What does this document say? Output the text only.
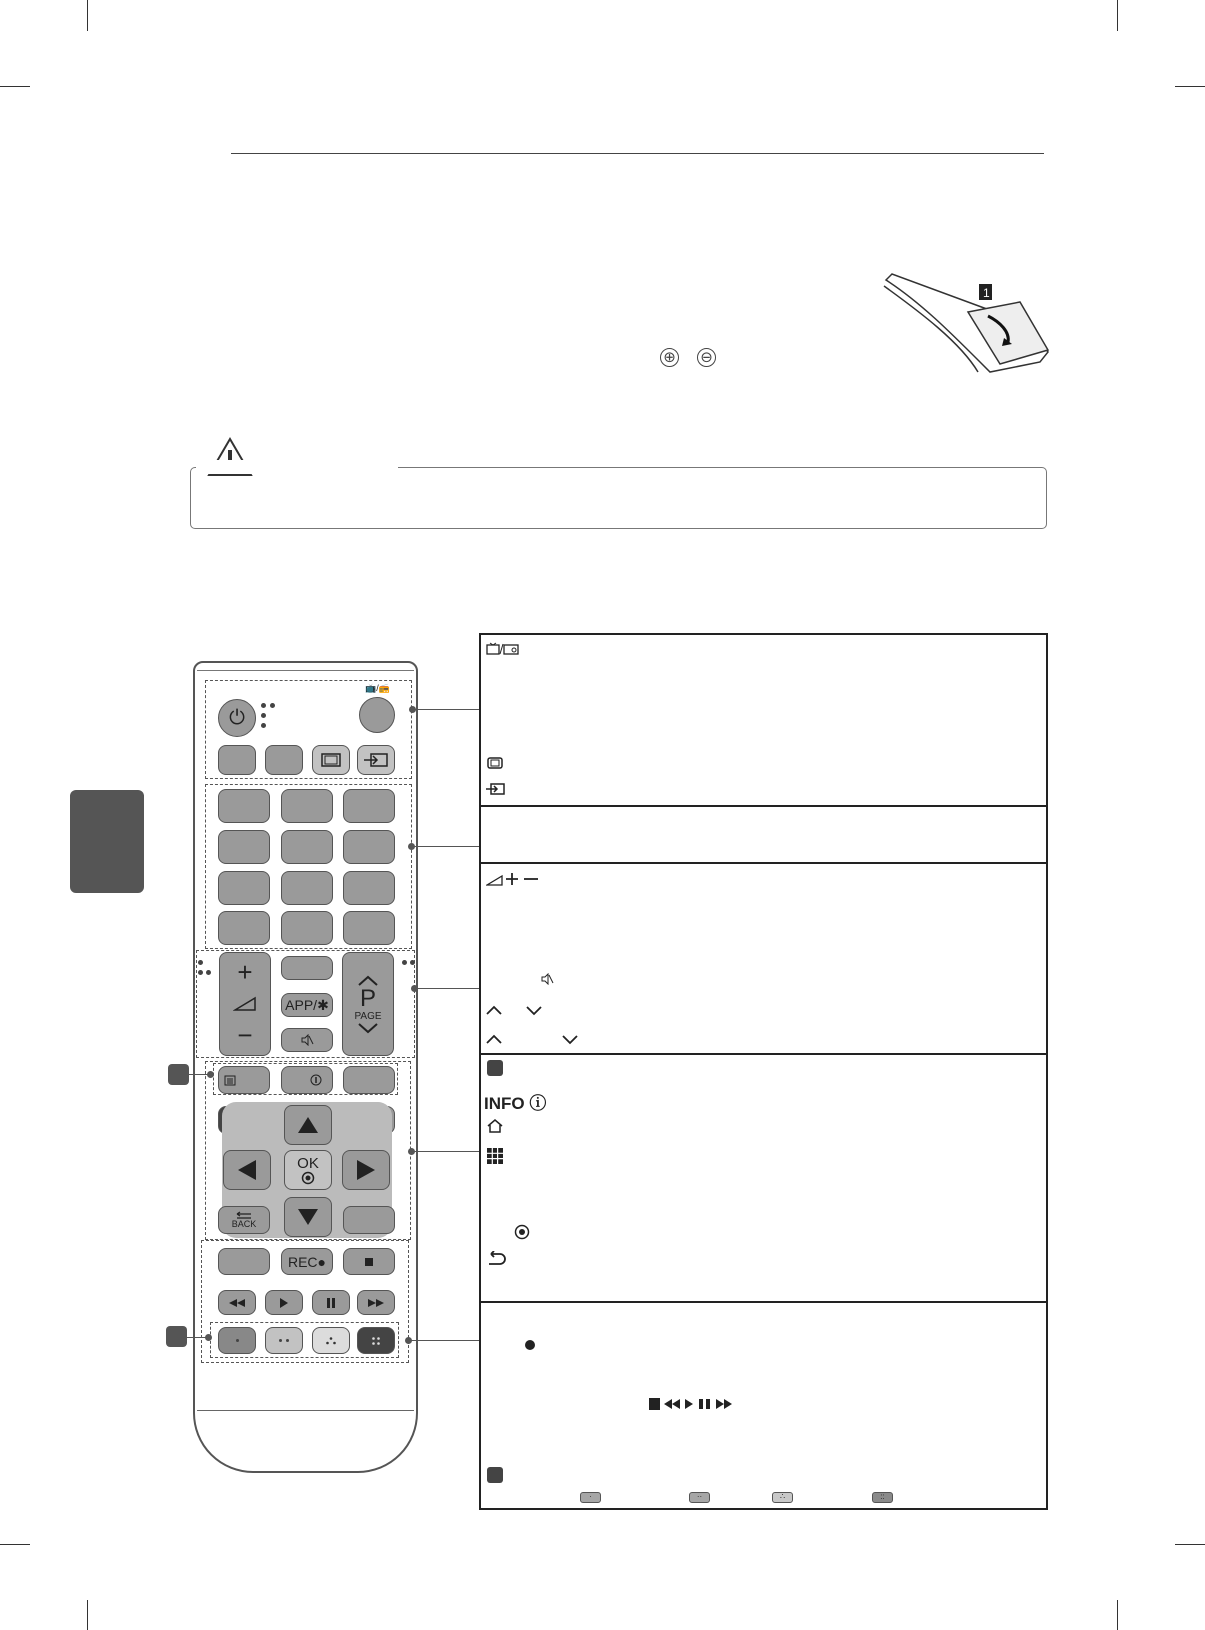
⊕ ⊖
1
⏻
📺/📻
+
−
APP/✱ P
PAGE
OK
BACK
REC●
INFO ⓘ
·	··	∴	::
